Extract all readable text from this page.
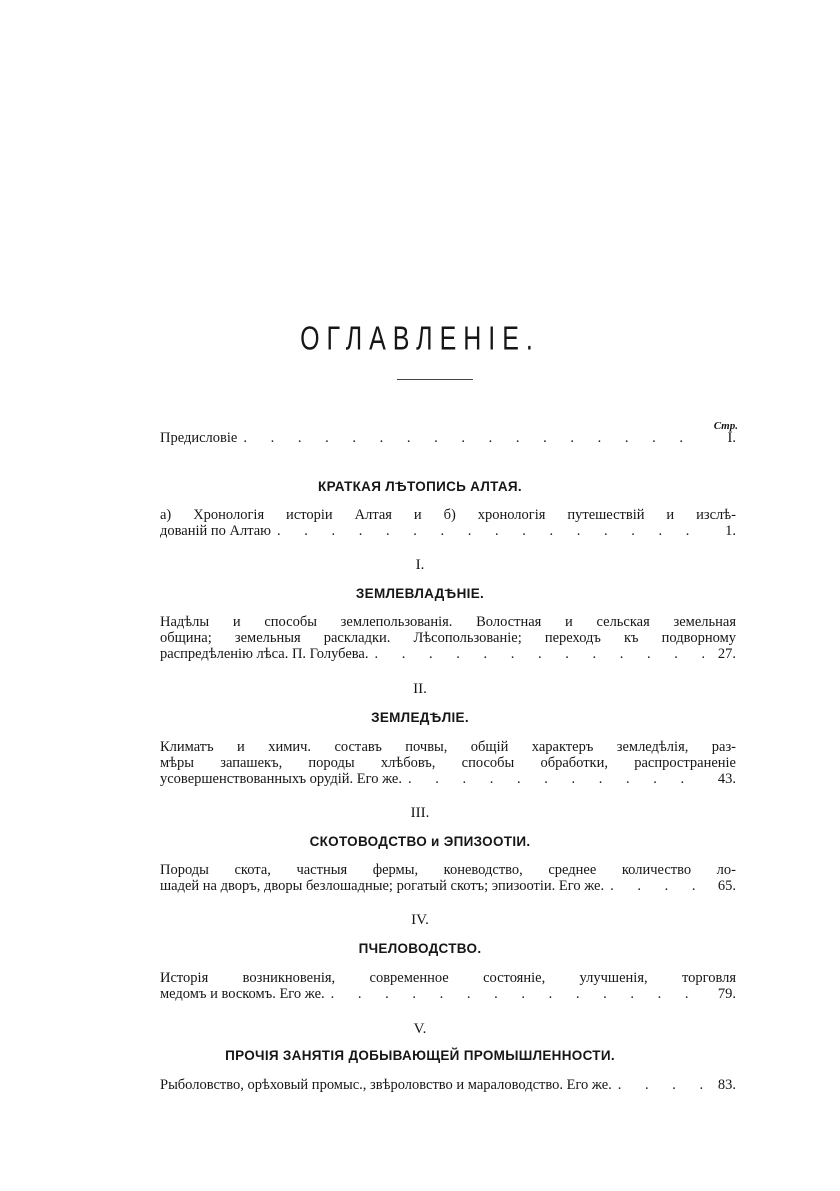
ОГЛАВЛЕНІЕ.
Стр.
Предисловіе . . .	I.
КРАТКАЯ ЛѢТОПИСЬ АЛТАЯ.
а) Хронологія исторіи Алтая и б) хронологія путешествій и изслѣ-
дованій по Алтаю . . .	1.
I.
ЗЕМЛЕВЛАДѢНІЕ.
Надѣлы и способы землепользованія. Волостная и сельская земельная
община; земельныя раскладки. Лѣсопользованіе; переходъ къ подворному
распредѣленію лѣса. П. Голубева. . . .	27.
II.
ЗЕМЛЕДѢЛІЕ.
Климатъ и химич. составъ почвы, общій характеръ земледѣлія, раз-
мѣры запашекъ, породы хлѣбовъ, способы обработки, распространеніе
усовершенствованныхъ орудій. Его же. . . .	43.
III.
СКОТОВОДСТВО и ЭПИЗООТІИ.
Породы скота, частныя фермы, коневодство, среднее количество ло-
шадей на дворъ, дворы безлошадные; рогатый скотъ; эпизоотіи. Его же. . . .	65.
IV.
ПЧЕЛОВОДСТВО.
Исторія возникновенія, современное состояніе, улучшенія, торговля
медомъ и воскомъ. Его же. . . .	79.
V.
ПРОЧІЯ ЗАНЯТІЯ ДОБЫВАЮЩЕЙ ПРОМЫШЛЕННОСТИ.
Рыболовство, орѣховый промыс., звѣроловство и мараловодство. Его же. . . .	83.
